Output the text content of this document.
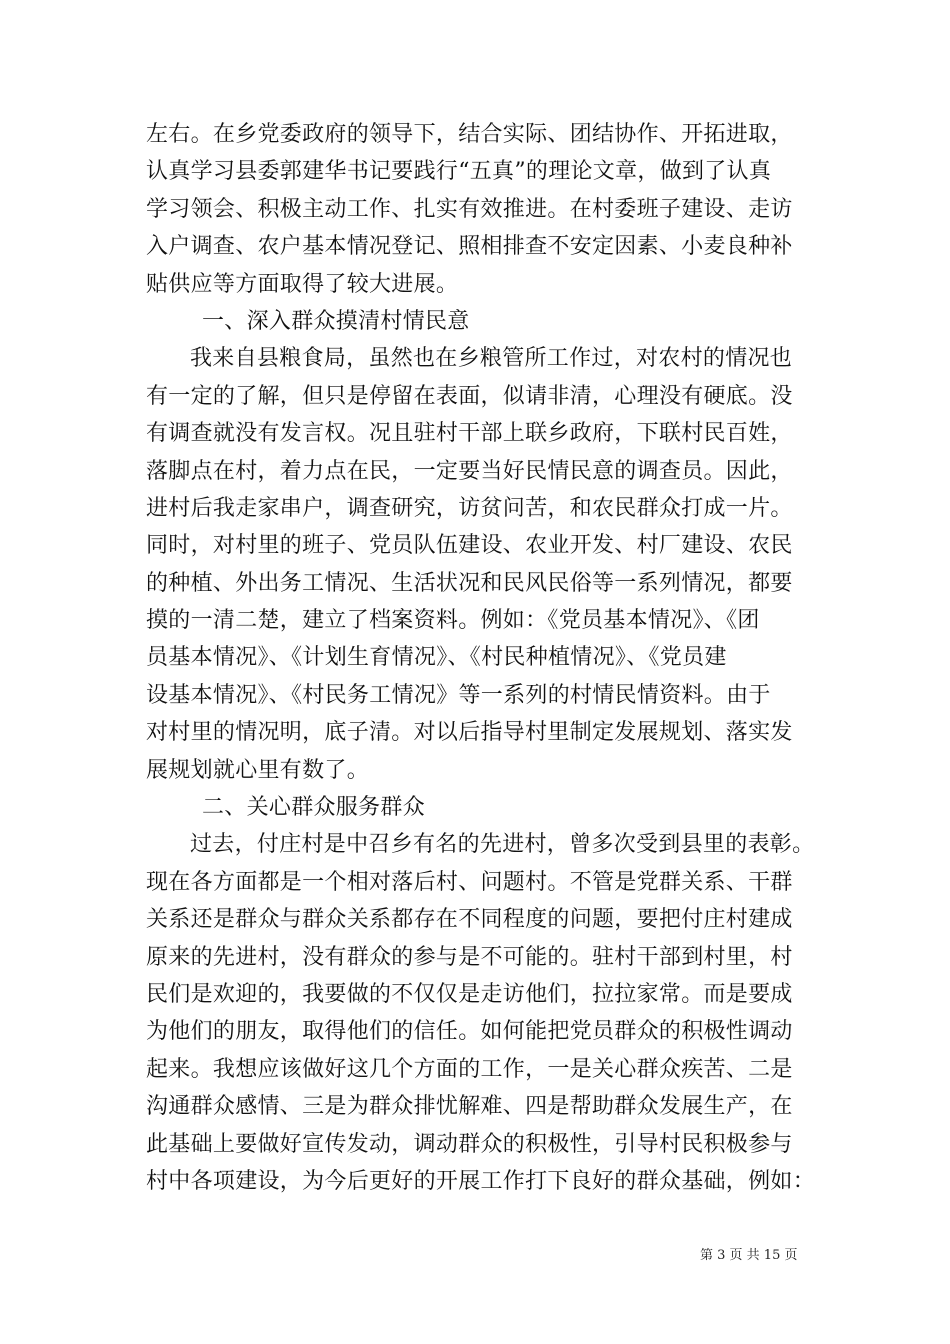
左右。在乡党委政府的领导下，结合实际、团结协作、开拓进取，
认真学习县委郭建华书记要践行“五真”的理论文章，做到了认真
学习领会、积极主动工作、扎实有效推进。在村委班子建设、走访
入户调查、农户基本情况登记、照相排查不安定因素、小麦良种补
贴供应等方面取得了较大进展。
一、深入群众摸清村情民意
我来自县粮食局，虽然也在乡粮管所工作过，对农村的情况也
有一定的了解，但只是停留在表面，似请非清，心理没有硬底。没
有调查就没有发言权。况且驻村干部上联乡政府，下联村民百姓，
落脚点在村，着力点在民，一定要当好民情民意的调查员。因此，
进村后我走家串户，调查研究，访贫问苦，和农民群众打成一片。
同时，对村里的班子、党员队伍建设、农业开发、村厂建设、农民
的种植、外出务工情况、生活状况和民风民俗等一系列情况，都要
摸的一清二楚，建立了档案资料。例如：《党员基本情况》、《团
员基本情况》、《计划生育情况》、《村民种植情况》、《党员建
设基本情况》、《村民务工情况》等一系列的村情民情资料。由于
对村里的情况明，底子清。对以后指导村里制定发展规划、落实发
展规划就心里有数了。
二、关心群众服务群众
过去，付庄村是中召乡有名的先进村，曾多次受到县里的表彰。
现在各方面都是一个相对落后村、问题村。不管是党群关系、干群
关系还是群众与群众关系都存在不同程度的问题，要把付庄村建成
原来的先进村，没有群众的参与是不可能的。驻村干部到村里，村
民们是欢迎的，我要做的不仅仅是走访他们，拉拉家常。而是要成
为他们的朋友，取得他们的信任。如何能把党员群众的积极性调动
起来。我想应该做好这几个方面的工作，一是关心群众疾苦、二是
沟通群众感情、三是为群众排忧解难、四是帮助群众发展生产，在
此基础上要做好宣传发动，调动群众的积极性，引导村民积极参与
村中各项建设，为今后更好的开展工作打下良好的群众基础，例如：
第 3 页 共 15 页
